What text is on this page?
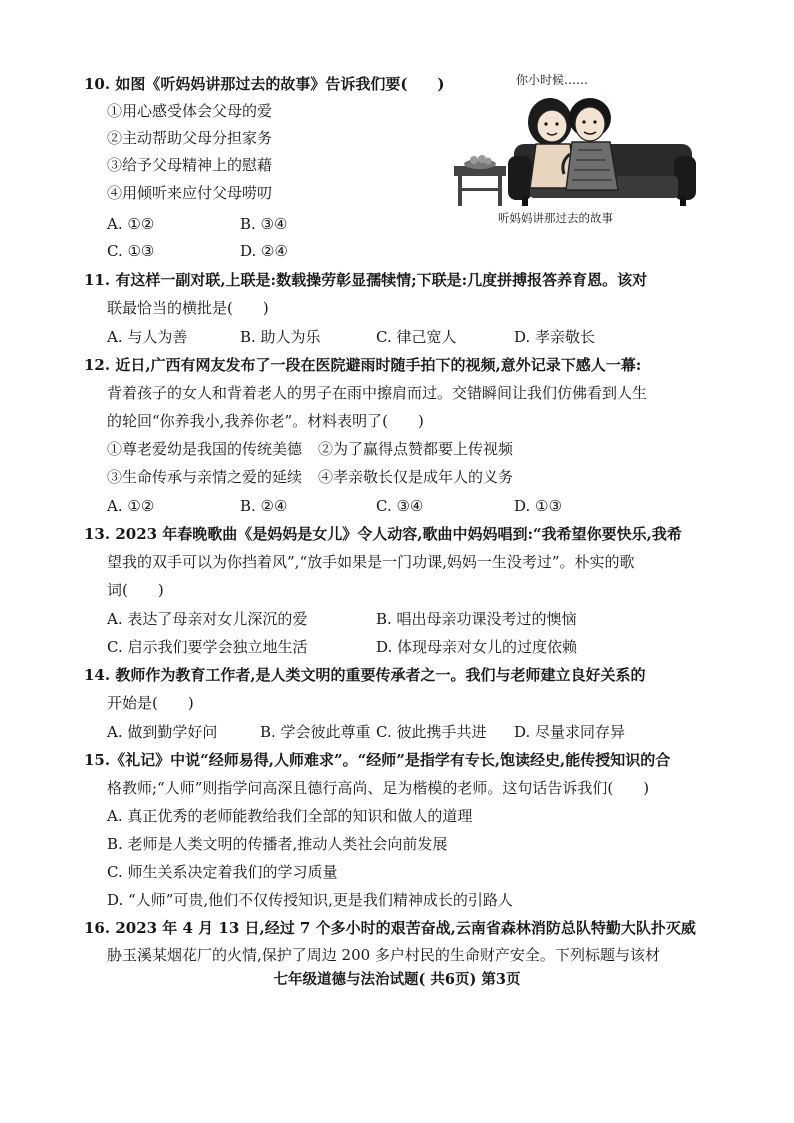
10. 如图《听妈妈讲那过去的故事》告诉我们要(　　)
①用心感受体会父母的爱
②主动帮助父母分担家务
③给予父母精神上的慰藉
④用倾听来应付父母唠叨
A. ①②	B. ③④
C. ①③	D. ②④
你小时候……
听妈妈讲那过去的故事
11. 有这样一副对联,上联是:数载操劳彰显孺犊情;下联是:几度拼搏报答养育恩。该对
联最恰当的横批是(　　)
A. 与人为善	B. 助人为乐	C. 律己宽人	D. 孝亲敬长
12. 近日,广西有网友发布了一段在医院避雨时随手拍下的视频,意外记录下感人一幕:
背着孩子的女人和背着老人的男子在雨中擦肩而过。交错瞬间让我们仿佛看到人生
的轮回“你养我小,我养你老”。材料表明了(　　)
①尊老爱幼是我国的传统美德 ②为了赢得点赞都要上传视频
③生命传承与亲情之爱的延续 ④孝亲敬长仅是成年人的义务
A. ①②	B. ②④	C. ③④	D. ①③
13. 2023 年春晚歌曲《是妈妈是女儿》令人动容,歌曲中妈妈唱到:“我希望你要快乐,我希
望我的双手可以为你挡着风”,“放手如果是一门功课,妈妈一生没考过”。朴实的歌
词(　　)
A. 表达了母亲对女儿深沉的爱	B. 唱出母亲功课没考过的懊恼
C. 启示我们要学会独立地生活	D. 体现母亲对女儿的过度依赖
14. 教师作为教育工作者,是人类文明的重要传承者之一。我们与老师建立良好关系的
开始是(　　)
A. 做到勤学好问	B. 学会彼此尊重 C. 彼此携手共进 D. 尽量求同存异
15.《礼记》中说“经师易得,人师难求”。“经师”是指学有专长,饱读经史,能传授知识的合
格教师;“人师”则指学问高深且德行高尚、足为楷模的老师。这句话告诉我们(　　)
A. 真正优秀的老师能教给我们全部的知识和做人的道理
B. 老师是人类文明的传播者,推动人类社会向前发展
C. 师生关系决定着我们的学习质量
D. “人师”可贵,他们不仅传授知识,更是我们精神成长的引路人
16. 2023 年 4 月 13 日,经过 7 个多小时的艰苦奋战,云南省森林消防总队特勤大队扑灭威
胁玉溪某烟花厂的火情,保护了周边 200 多户村民的生命财产安全。下列标题与该材
七年级道德与法治试题( 共6页) 第3页
